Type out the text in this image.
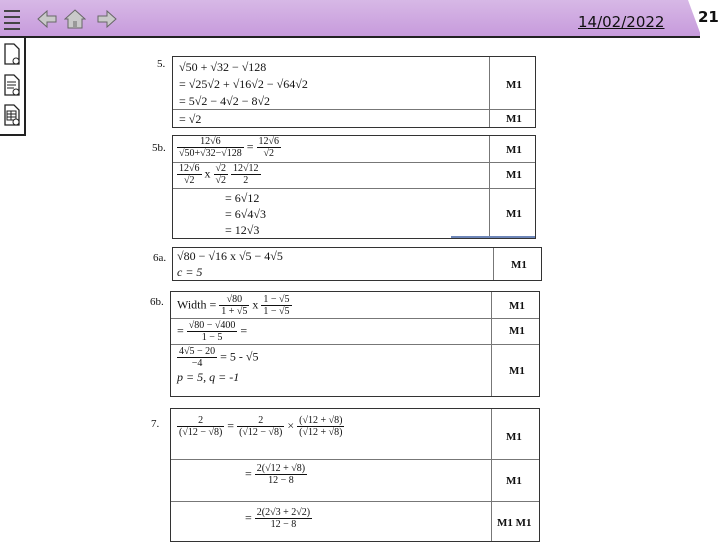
14/02/2022 21
5. √50 + √32 − √128
= √25√2 + √16√2 − √64√2
= 5√2 − 4√2 − 8√2
= √2
M1
M1
5b. $\frac{12√6}{√50+√32-√128} = \frac{12√6}{√2}$
$\frac{12√6}{√2}$ x $\frac{√2}{√2}$
$\frac{12√12}{2}$
= 6√12
= 6√4√3
= 12√3
M1
M1
M1
6a. √80 − √16 x √5 − 4√5
c = 5	M1
6b. Width = $\frac{√80}{1 + √5}$ x $\frac{1 - √5}{1 - √5}$
= $\frac{√80 - √400}{1 - 5}$ =
$\frac{4√5 - 20}{-4} = 5 - √5$
p = 5, q = -1
M1
M1
M1
7. $\frac{2}{(√12 - √8)} = \frac{2}{(√12 - √8)} \times \frac{(√12 + √8)}{(√12 + √8)}$
= $\frac{2(√12 + √8)}{12 - 8}$
= $\frac{2(2√3 + 2√2)}{12 - 8}$
M1
M1
M1 M1
